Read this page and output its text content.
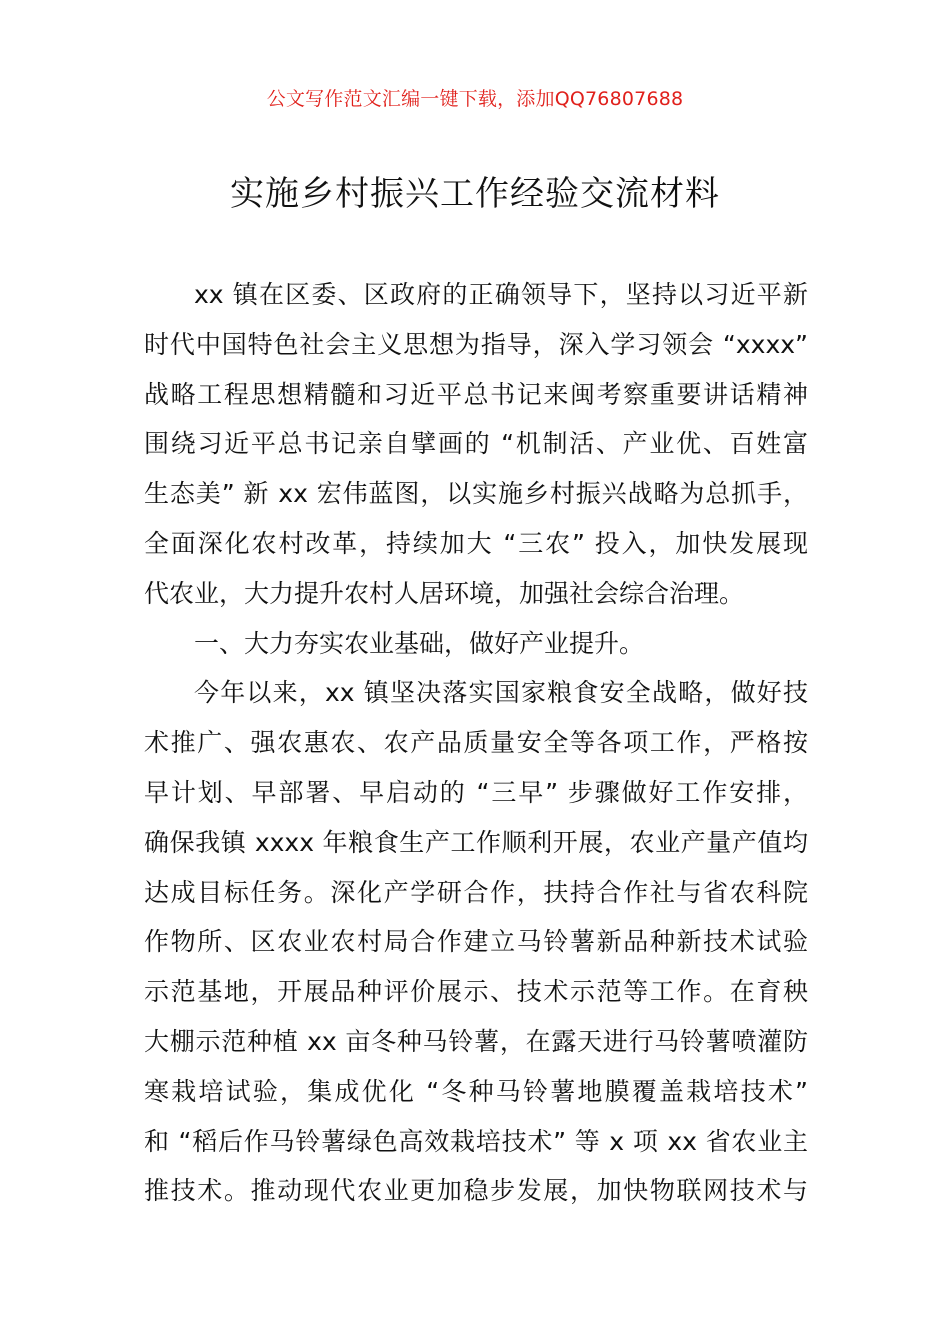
公文写作范文汇编一键下载，添加QQ76807688
实施乡村振兴工作经验交流材料
xx 镇在区委、区政府的正确领导下，坚持以习近平新
时代中国特色社会主义思想为指导，深入学习领会 “xxxx”
战略工程思想精髓和习近平总书记来闽考察重要讲话精神
围绕习近平总书记亲自擘画的 “机制活、产业优、百姓富
生态美” 新 xx 宏伟蓝图，以实施乡村振兴战略为总抓手，
全面深化农村改革，持续加大 “三农” 投入，加快发展现
代农业，大力提升农村人居环境，加强社会综合治理。
一、大力夯实农业基础，做好产业提升。
今年以来，xx 镇坚决落实国家粮食安全战略，做好技
术推广、强农惠农、农产品质量安全等各项工作，严格按
早计划、早部署、早启动的 “三早” 步骤做好工作安排，
确保我镇 xxxx 年粮食生产工作顺利开展，农业产量产值均
达成目标任务。深化产学研合作，扶持合作社与省农科院
作物所、区农业农村局合作建立马铃薯新品种新技术试验
示范基地，开展品种评价展示、技术示范等工作。在育秧
大棚示范种植 xx 亩冬种马铃薯，在露天进行马铃薯喷灌防
寒栽培试验，集成优化 “冬种马铃薯地膜覆盖栽培技术”
和 “稻后作马铃薯绿色高效栽培技术” 等 x 项 xx 省农业主
推技术。推动现代农业更加稳步发展，加快物联网技术与
